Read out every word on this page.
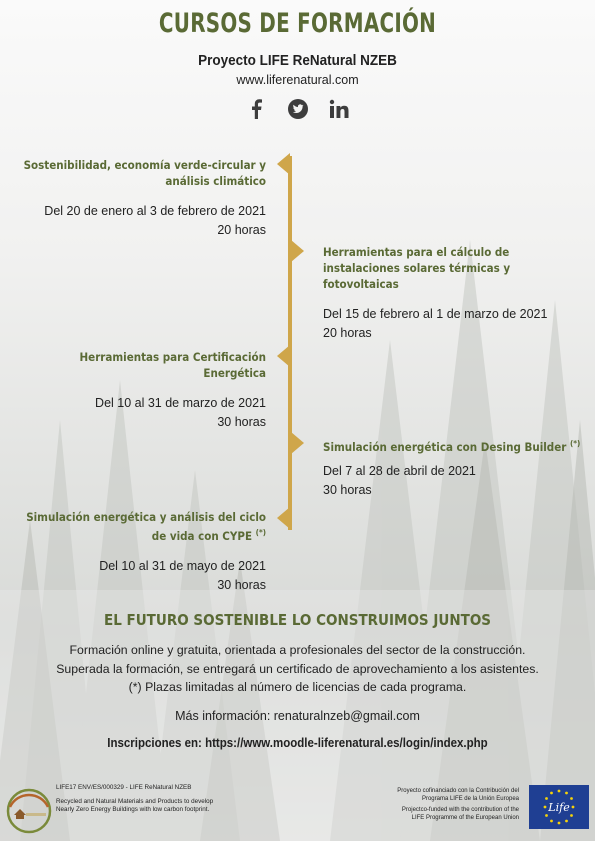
CURSOS DE FORMACIÓN
Proyecto LIFE ReNatural NZEB
www.liferenatural.com
Sostenibilidad, economía verde-circular y
análisis climático
Del 20 de enero al 3 de febrero de 2021
20 horas
Herramientas para el cálculo de
instalaciones solares térmicas y
fotovoltaicas
Del 15 de febrero al 1 de marzo de 2021
20 horas
Herramientas para Certificación
Energética
Del 10 al 31 de marzo de 2021
30 horas
Simulación energética con Desing Builder (*)
Del 7 al 28 de abril de 2021
30 horas
Simulación energética y análisis del ciclo
de vida con CYPE (*)
Del 10 al 31 de mayo de 2021
30 horas
EL FUTURO SOSTENIBLE LO CONSTRUIMOS JUNTOS
Formación online y gratuita, orientada a profesionales del sector de la construcción.
Superada la formación, se entregará un certificado de aprovechamiento a los asistentes.
(*) Plazas limitadas al número de licencias de cada programa.
Más información: renaturalnzeb@gmail.com
Inscripciones en: https://www.moodle-liferenatural.es/login/index.php
LIFE17 ENV/ES/000329 - LIFE ReNatural NZEB
Recycled and Natural Materials and Products to develop
Nearly Zero Energy Buildings with low carbon footprint.
Proyecto cofinanciado con la Contribución del
Programa LIFE de la Unión Europea
Projectco-funded with the contribution of the
LIFE Programme of the European Union
Life
